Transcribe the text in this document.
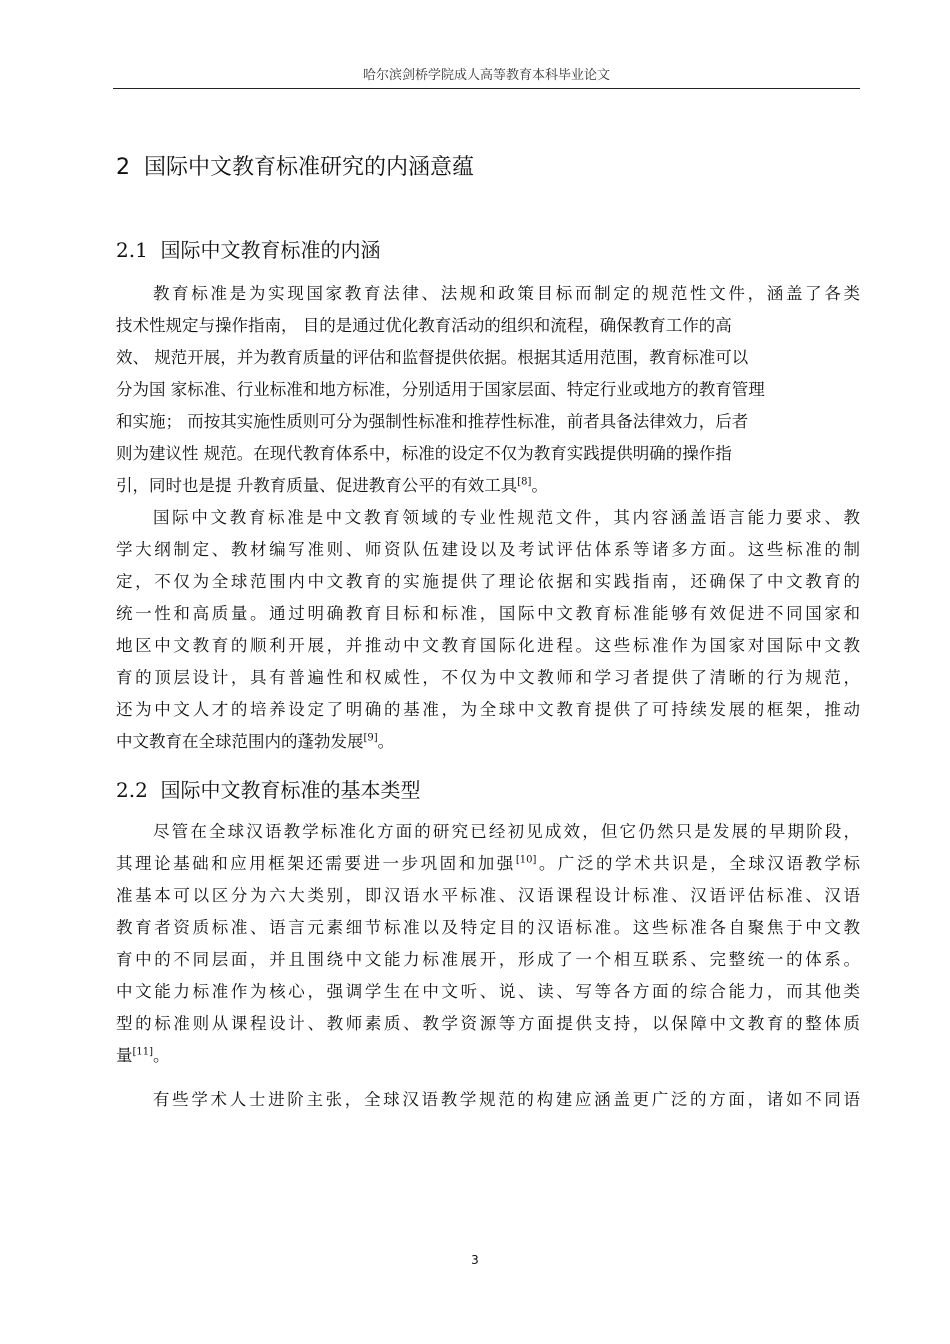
哈尔滨剑桥学院成人高等教育本科毕业论文
2 国际中文教育标准研究的内涵意蕴
2.1 国际中文教育标准的内涵
教育标准是为实现国家教育法律、法规和政策目标而制定的规范性文件，涵盖了各类
技术性规定与操作指南， 目的是通过优化教育活动的组织和流程，确保教育工作的高
效、 规范开展，并为教育质量的评估和监督提供依据。根据其适用范围，教育标准可以
分为国 家标准、行业标准和地方标准，分别适用于国家层面、特定行业或地方的教育管理
和实施； 而按其实施性质则可分为强制性标准和推荐性标准，前者具备法律效力，后者
则为建议性 规范。在现代教育体系中，标准的设定不仅为教育实践提供明确的操作指
引，同时也是提 升教育质量、促进教育公平的有效工具[8]。
国际中文教育标准是中文教育领域的专业性规范文件，其内容涵盖语言能力要求、教
学大纲制定、教材编写准则、师资队伍建设以及考试评估体系等诸多方面。这些标准的制
定，不仅为全球范围内中文教育的实施提供了理论依据和实践指南，还确保了中文教育的
统一性和高质量。通过明确教育目标和标准，国际中文教育标准能够有效促进不同国家和
地区中文教育的顺利开展，并推动中文教育国际化进程。这些标准作为国家对国际中文教
育的顶层设计，具有普遍性和权威性，不仅为中文教师和学习者提供了清晰的行为规范，
还为中文人才的培养设定了明确的基准，为全球中文教育提供了可持续发展的框架，推动
中文教育在全球范围内的蓬勃发展[9]。
2.2 国际中文教育标准的基本类型
尽管在全球汉语教学标准化方面的研究已经初见成效，但它仍然只是发展的早期阶段，
其理论基础和应用框架还需要进一步巩固和加强[10]。广泛的学术共识是，全球汉语教学标
准基本可以区分为六大类别，即汉语水平标准、汉语课程设计标准、汉语评估标准、汉语
教育者资质标准、语言元素细节标准以及特定目的汉语标准。这些标准各自聚焦于中文教
育中的不同层面，并且围绕中文能力标准展开，形成了一个相互联系、完整统一的体系。
中文能力标准作为核心，强调学生在中文听、说、读、写等各方面的综合能力，而其他类
型的标准则从课程设计、教师素质、教学资源等方面提供支持，以保障中文教育的整体质
量[11]。
有些学术人士进阶主张，全球汉语教学规范的构建应涵盖更广泛的方面，诸如不同语
3
